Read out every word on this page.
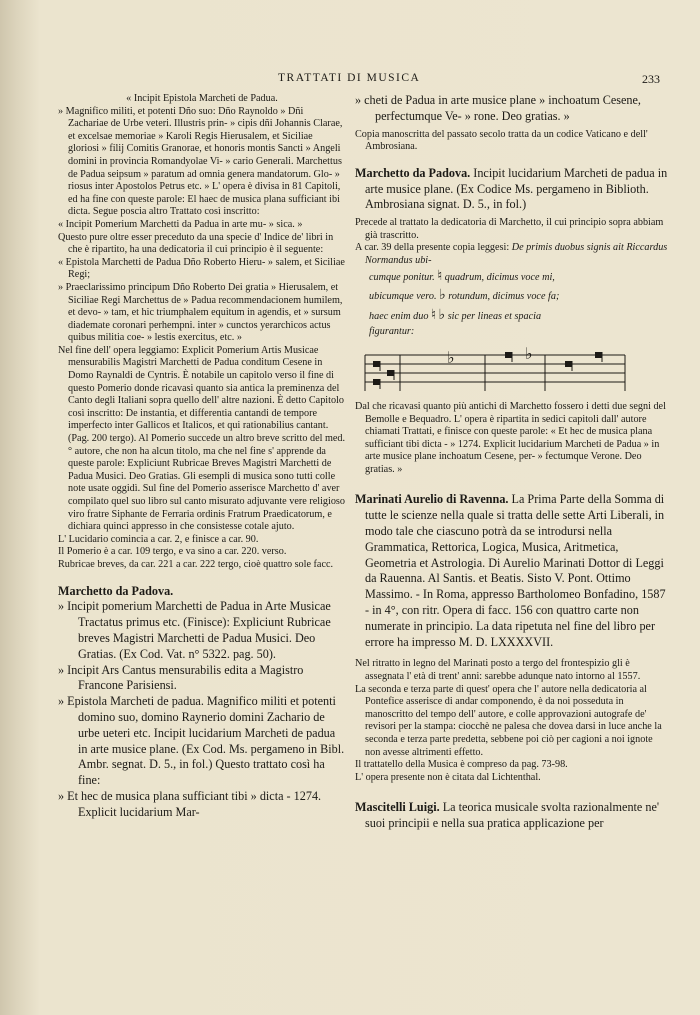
TRATTATI DI MUSICA	233

« Incipit Epistola Marcheti de Padua.

» Magnifico militi, et potenti Dño suo: Dño Raynoldo » Dñi Zachariae de Urbe veteri. Illustris prin- » cipis dñi Johannis Clarae, et excelsae memoriae » Karoli Regis Hierusalem, et Siciliae gloriosi » filij Comitis Granorae, et honoris montis Sancti » Angeli domini in provincia Romandyolae Vi- » cario Generali. Marchettus de Padua seipsum » paratum ad omnia genera mandatorum. Glo- » riosus inter Apostolos Petrus etc. » L' opera è divisa in 81 Capitoli, ed ha fine con queste parole: El haec de musica plana sufficiant ibi dicta. Segue poscia altro Trattato così inscritto:

« Incipit Pomerium Marchetti da Padua in arte mu- » sica. »

Questo pure oltre esser preceduto da una specie d' Indice de' libri in che è ripartito, ha una dedicatoria il cui principio è il seguente:

« Epistola Marchetti de Padua Dño Roberto Hieru- » salem, et Siciliae Regi;

» Praeclarissimo principum Dño Roberto Dei gratia » Hierusalem, et Siciliae Regi Marchettus de » Padua recommendacionem humilem, et devo- » tam, et hic triumphalem equitum in agendis, et » sursum diademate coronari perhempni. inter » cunctos yerarchicos actus quibus militia coe- » lestis exercitus, etc. »

Nel fine dell' opera leggiamo: Explicit Pomerium Artis Musicae mensurabilis Magistri Marchetti de Padua conditum Cesene in Domo Raynaldi de Cyntris. È notabile un capitolo verso il fine di questo Pomerio donde ricavasi quanto sia antica la preminenza del Canto degli Italiani sopra quello dell' altre nazioni. È detto Capitolo così inscritto: De instantia, et differentia cantandi de tempore imperfecto inter Gallicos et Italicos, et qui rationabilius cantant. (Pag. 200 tergo). Al Pomerio succede un altro breve scritto del med.° autore, che non ha alcun titolo, ma che nel fine s' apprende da queste parole: Expliciunt Rubricae Breves Magistri Marchetti de Padua Musici. Deo Gratias. Gli esempli di musica sono tutti colle note usate oggidì. Sul fine del Pomerio asserisce Marchetto d' aver compilato quel suo libro sul canto misurato adjuvante vere religioso viro fratre Siphante de Ferraria ordinis Fratrum Praedicatorum, e dichiara quinci appresso in che consistesse cotale ajuto.

L' Lucidario comincia a car. 2, e finisce a car. 90.

Il Pomerio è a car. 109 tergo, e va sino a car. 220. verso.

Rubricae breves, da car. 221 a car. 222 tergo, cioè quattro sole facc.

Marchetto da Padova.

» Incipit pomerium Marchetti de Padua in Arte Musicae Tractatus primus etc. (Finisce): Expliciunt Rubricae breves Magistri Marchetti de Padua Musici. Deo Gratias. (Ex Cod. Vat. n° 5322. pag. 50).

» Incipit Ars Cantus mensurabilis edita a Magistro Francone Parisiensi.

» Epistola Marcheti de padua. Magnifico militi et potenti domino suo, domino Raynerio domini Zachario de urbe ueteri etc. Incipit lucidarium Marcheti de padua in arte musice plane. (Ex Cod. Ms. pergameno in Bibl. Ambr. segnat. D. 5., in fol.) Questo trattato così ha fine:

» Et hec de musica plana sufficiant tibi » dicta - 1274. Explicit lucidarium Mar-

» cheti de Padua in arte musice plane » inchoatum Cesene, perfectumque Ve- » rone. Deo gratias. »

Copia manoscritta del passato secolo tratta da un codice Vaticano e dell' Ambrosiana.

Marchetto da Padova. Incipit lucidarium Marcheti de padua in arte musice plane. (Ex Codice Ms. pergameno in Biblioth. Ambrosiana signat. D. 5., in fol.)

Precede al trattato la dedicatoria di Marchetto, il cui principio sopra abbiam già trascritto.

A car. 39 della presente copia leggesi: De primis duobus signis ait Riccardus Normandus ubi-

cumque ponitur. ♮ quadrum, dicimus voce mi,

ubicumque vero. ♭ rotundum, dicimus voce fa;

haec enim duo ♮ ♭ sic per lineas et spacia

figurantur:

♭	♭

Dal che ricavasi quanto più antichi di Marchetto fossero i detti due segni del Bemolle e Bequadro. L' opera è ripartita in sedici capitoli dall' autore chiamati Trattati, e finisce con queste parole: « Et hec de musica plana sufficiant tibi dicta - » 1274. Explicit lucidarium Marcheti de Padua » in arte musice plane inchoatum Cesene, per- » fectumque Verone. Deo gratias. »

Marinati Aurelio di Ravenna. La Prima Parte della Somma di tutte le scienze nella quale si tratta delle sette Arti Liberali, in modo tale che ciascuno potrà da se introdursi nella Grammatica, Rettorica, Logica, Musica, Aritmetica, Geometria et Astrologia. Di Aurelio Marinati Dottor di Leggi da Rauenna. Al Santis. et Beatis. Sisto V. Pont. Ottimo Massimo. - In Roma, appresso Bartholomeo Bonfadino, 1587 - in 4°, con ritr. Opera di facc. 156 con quattro carte non numerate in principio. La data ripetuta nel fine del libro per errore ha impresso M. D. LXXXXVII.

Nel ritratto in legno del Marinati posto a tergo del frontespizio gli è assegnata l' età di trent' anni: sarebbe adunque nato intorno al 1557.

La seconda e terza parte di quest' opera che l' autore nella dedicatoria al Pontefice asserisce di andar componendo, è da noi posseduta in manoscritto del tempo dell' autore, e colle approvazioni autografe de' revisori per la stampa: ciocchè ne palesa che dovea darsi in luce anche la seconda e terza parte predetta, sebbene poi ciò per cagioni a noi ignote non avesse altrimenti effetto.

Il trattatello della Musica è compreso da pag. 73-98.

L' opera presente non è citata dal Lichtenthal.

Mascitelli Luigi. La teorica musicale svolta razionalmente ne' suoi principii e nella sua pratica applicazione per
